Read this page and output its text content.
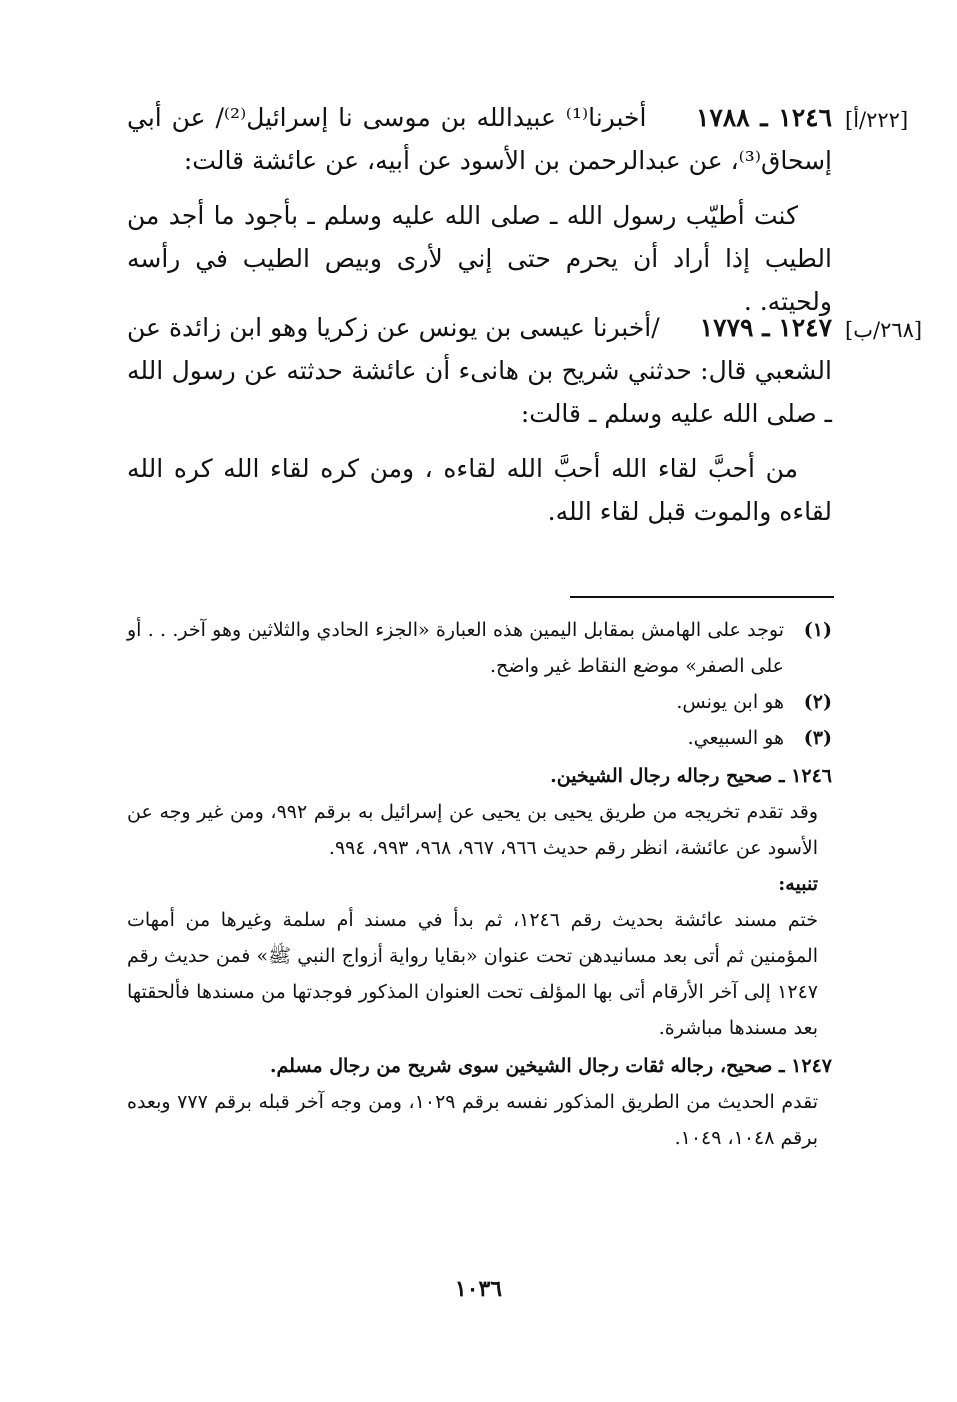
[٢٢٢/أ]

١٢٤٦ ـ ١٧٨٨     أخبرنا⁽¹⁾ عبيدالله بن موسى نا إسرائيل⁽²⁾/ عن أبي إسحاق⁽³⁾، عن عبدالرحمن بن الأسود عن أبيه، عن عائشة قالت:

كنت أطيّب رسول الله ـ صلى الله عليه وسلم ـ بأجود ما أجد من الطيب إذا أراد أن يحرم حتى إني لأرى وبيص الطيب في رأسه ولحيته. .

[٢٦٨/ب]

١٢٤٧ ـ ١٧٧٩     /أخبرنا عيسى بن يونس عن زكريا وهو ابن زائدة عن الشعبي قال: حدثني شريح بن هانىء أن عائشة حدثته عن رسول الله ـ صلى الله عليه وسلم ـ قالت:

من أحبَّ لقاء الله أحبَّ الله لقاءه ، ومن كره لقاء الله كره الله لقاءه والموت قبل لقاء الله.

(١)
توجد على الهامش بمقابل اليمين هذه العبارة «الجزء الحادي والثلاثين وهو آخر. . . أو على الصفر» موضع النقاط غير واضح.
(٢)
هو ابن يونس.
(٣)
هو السبيعي.
١٢٤٦ ـ صحيح رجاله رجال الشيخين.

وقد تقدم تخريجه من طريق يحيى بن يحيى عن إسرائيل به برقم ٩٩٢، ومن غير وجه عن الأسود عن عائشة، انظر رقم حديث ٩٦٦، ٩٦٧، ٩٦٨، ٩٩٣، ٩٩٤.

تنبيه:

ختم مسند عائشة بحديث رقم ١٢٤٦، ثم بدأ في مسند أم سلمة وغيرها من أمهات المؤمنين ثم أتى بعد مسانيدهن تحت عنوان «بقايا رواية أزواج النبي ﷺ» فمن حديث رقم ١٢٤٧ إلى آخر الأرقام أتى بها المؤلف تحت العنوان المذكور فوجدتها من مسندها فألحقتها بعد مسندها مباشرة.

١٢٤٧ ـ صحيح، رجاله ثقات رجال الشيخين سوى شريح من رجال مسلم.

تقدم الحديث من الطريق المذكور نفسه برقم ١٠٢٩، ومن وجه آخر قبله برقم ٧٧٧ وبعده برقم ١٠٤٨، ١٠٤٩.

١٠٣٦
